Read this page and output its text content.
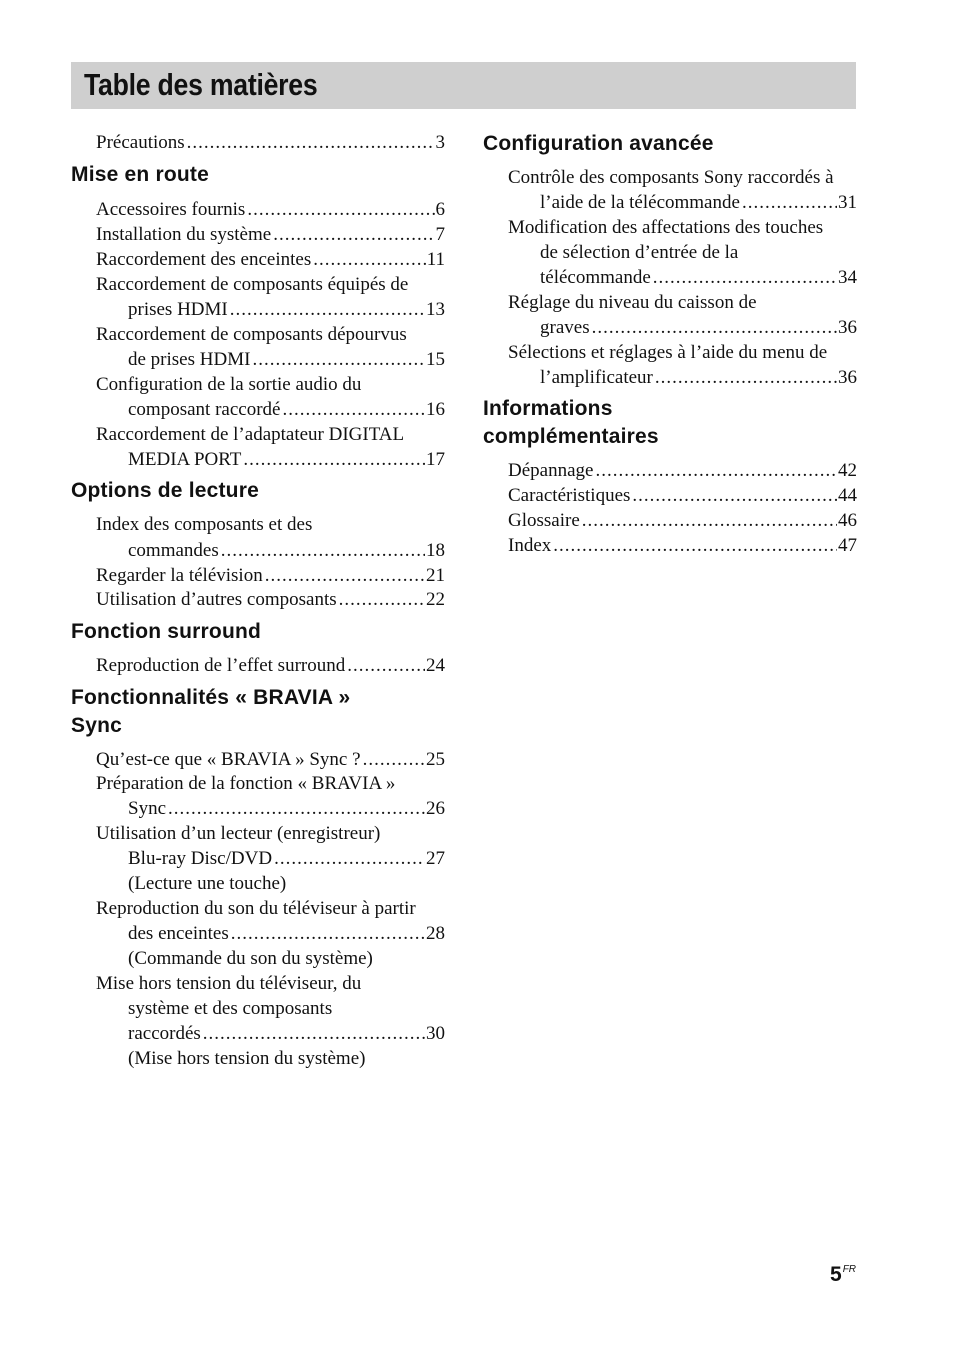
Table des matières
Précautions .....	3
Mise en route
Accessoires fournis .....	6
Installation du système .....	7
Raccordement des enceintes .....	11
Raccordement de composants équipés de
prises HDMI .....	13
Raccordement de composants dépourvus
de prises HDMI .....	15
Configuration de la sortie audio du
composant raccordé .....	16
Raccordement de l’adaptateur DIGITAL
MEDIA PORT .....	17
Options de lecture
Index des composants et des
commandes .....	18
Regarder la télévision .....	21
Utilisation d’autres composants .....	22
Fonction surround
Reproduction de l’effet surround .....	24
Fonctionnalités « BRAVIA »
Sync
Qu’est-ce que « BRAVIA » Sync ? .....	25
Préparation de la fonction « BRAVIA »
Sync .....	26
Utilisation d’un lecteur (enregistreur)
Blu-ray Disc/DVD .....	27
(Lecture une touche)
Reproduction du son du téléviseur à partir
des enceintes .....	28
(Commande du son du système)
Mise hors tension du téléviseur, du
système et des composants
raccordés .....	30
(Mise hors tension du système)
Configuration avancée
Contrôle des composants Sony raccordés à
l’aide de la télécommande .....	31
Modification des affectations des touches
de sélection d’entrée de la
télécommande .....	34
Réglage du niveau du caisson de
graves .....	36
Sélections et réglages à l’aide du menu de
l’amplificateur .....	36
Informations
complémentaires
Dépannage .....	42
Caractéristiques .....	44
Glossaire .....	46
Index .....	47
$5^{FR}$
